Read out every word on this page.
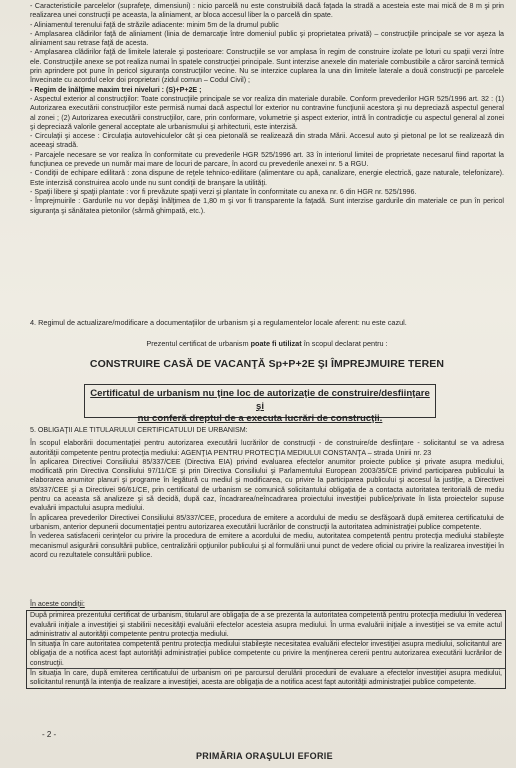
- Caracteristicile parcelelor (suprafeţe, dimensiuni) : nicio parcelă nu este construibilă dacă faţada la stradă a acesteia este mai mică de 8 m şi prin realizarea unei construcţii pe aceasta, la aliniament, ar bloca accesul liber la o parcelă din spate.

- Aliniamentul terenului faţă de străzile adiacente: minim 5m de la drumul public

- Amplasarea clădirilor faţă de aliniament (linia de demarcaţie între domeniul public şi proprietatea privată) – construcţiile principale se vor aşeza la aliniament sau retrase faţă de acesta.

- Amplasarea clădirilor faţă de limitele laterale şi posterioare: Construcţiile se vor amplasa în regim de construire izolate pe loturi cu spaţii verzi între ele. Construcţiile anexe se pot realiza numai în spatele construcţiei principale. Sunt interzise anexele din materiale combustibile a căror sarcină termică prin aprindere pot pune în pericol siguranţa construcţiilor vecine. Nu se interzice cuplarea la una din limitele laterale a două construcţii pe parcelele învecinate cu acordul celor doi proprietari (zidul comun – Codul Civil) ;

- Regim de înălţime maxim trei niveluri : (S)+P+2E ;

- Aspectul exterior al construcţiilor: Toate construcţiile principale se vor realiza din materiale durabile. Conform prevederilor HGR 525/1996 art. 32 : (1) Autorizarea executării construcţiilor este permisă numai dacă aspectul lor exterior nu contravine funcţiunii acestora şi nu depreciază aspectul general al zonei ; (2) Autorizarea executării construcţiilor, care, prin conformare, volumetrie şi aspect exterior, intră în contradicţie cu aspectul general al zonei şi depreciază valorile general acceptate ale urbanismului şi arhitecturii, este interzisă.

- Circulaţii şi accese : Circulaţia autovehiculelor cât şi cea pietonală se realizează din strada Mării. Accesul auto şi pietonal pe lot se realizează din aceeaşi stradă.

- Parcajele necesare se vor realiza în conformitate cu prevederile HGR 525/1996 art. 33 în interiorul limitei de proprietate necesarul fiind raportat la funcţiunea ce prevede un număr mai mare de locuri de parcare, în acord cu prevederile anexei nr. 5 a RGU.

- Condiţii de echipare edilitară : zona dispune de reţele tehnico-edilitare (alimentare cu apă, canalizare, energie electrică, gaze naturale, telefonizare). Este interzisă construirea acolo unde nu sunt condiţii de branşare la utilităţi.

- Spaţii libere şi spaţii plantate : vor fi prevăzute spaţii verzi şi plantate în conformitate cu anexa nr. 6 din HGR nr. 525/1996.

- Împrejmuirile : Gardurile nu vor depăşi înălţimea de 1,80 m şi vor fi transparente la faţadă. Sunt interzise gardurile din materiale ce pun în pericol siguranţa şi sănătatea pietonilor (sârmă ghimpată, etc.).

4. Regimul de actualizare/modificare a documentaţiilor de urbanism şi a regulamentelor locale aferent: nu este cazul.
Prezentul certificat de urbanism poate fi utilizat în scopul declarat pentru :
CONSTRUIRE CASĂ DE VACANŢĂ Sp+P+2E ŞI ÎMPREJMUIRE TEREN
Certificatul de urbanism nu ţine loc de autorizaţie de construire/desfiinţare şi
nu conferă dreptul de a executa lucrări de construcţii.
5. OBLIGAŢII ALE TITULARULUI CERTIFICATULUI DE URBANISM:

În scopul elaborării documentaţiei pentru autorizarea executării lucrărilor de construcţii - de construire/de desfiinţare - solicitantul se va adresa autorităţii competente pentru protecţia mediului: AGENŢIA PENTRU PROTECŢIA MEDIULUI CONSTANŢA – strada Unirii nr. 23

În aplicarea Directivei Consiliului 85/337/CEE (Directiva EIA) privind evaluarea efectelor anumitor proiecte publice şi private asupra mediului, modificată prin Directiva Consiliului 97/11/CE şi prin Directiva Consiliului şi Parlamentului European 2003/35/CE privind participarea publicului la elaborarea anumitor planuri şi programe în legătură cu mediul şi modificarea, cu privire la participarea publicului şi accesul la justiţie, a Directivei 85/337/CEE şi a Directivei 96/61/CE, prin certificatul de urbanism se comunică solicitantului obligaţia de a contacta autoritatea teritorială de mediu pentru ca aceasta să analizeze şi să decidă, după caz, încadrarea/neîncadrarea proiectului investiţiei publice/private în lista proiectelor supuse evaluării impactului asupra mediului.

În aplicarea prevederilor Directivei Consiliului 85/337/CEE, procedura de emitere a acordului de mediu se desfăşoară după emiterea certificatului de urbanism, anterior depunerii documentaţiei pentru autorizarea executării lucrărilor de construcţii la autoritatea administraţiei publice competente.

În vederea satisfacerii cerinţelor cu privire la procedura de emitere a acordului de mediu, autoritatea competentă pentru protecţia mediului stabileşte mecanismul asigurării consultării publice, centralizării opţiunilor publicului şi al formulării unui punct de vedere oficial cu privire la realizarea investiţiei în acord cu rezultatele consultării publice.

În aceste condiţii:

După primirea prezentului certificat de urbanism, titularul are obligaţia de a se prezenta la autoritatea competentă pentru protecţia mediului în vederea evaluării iniţiale a investiţiei şi stabilirii necesităţii evaluării efectelor acesteia asupra mediului. În urma evaluării iniţiale a investiţiei se va emite actul administrativ al autorităţii competente pentru protecţia mediului.

În situaţia în care autoritatea competentă pentru protecţia mediului stabileşte necesitatea evaluării efectelor investiţiei asupra mediului, solicitantul are obligaţia de a notifica acest fapt autorităţii administraţiei publice competente cu privire la menţinerea cererii pentru autorizarea executării lucrărilor de construcţii.

În situaţia în care, după emiterea certificatului de urbanism ori pe parcursul derulării procedurii de evaluare a efectelor investiţiei asupra mediului, solicitantul renunţă la intenţia de realizare a investiţiei, acesta are obligaţia de a notifica acest fapt autorităţii administraţiei publice competente.

- 2 -
PRIMĂRIA ORAŞULUI EFORIE
